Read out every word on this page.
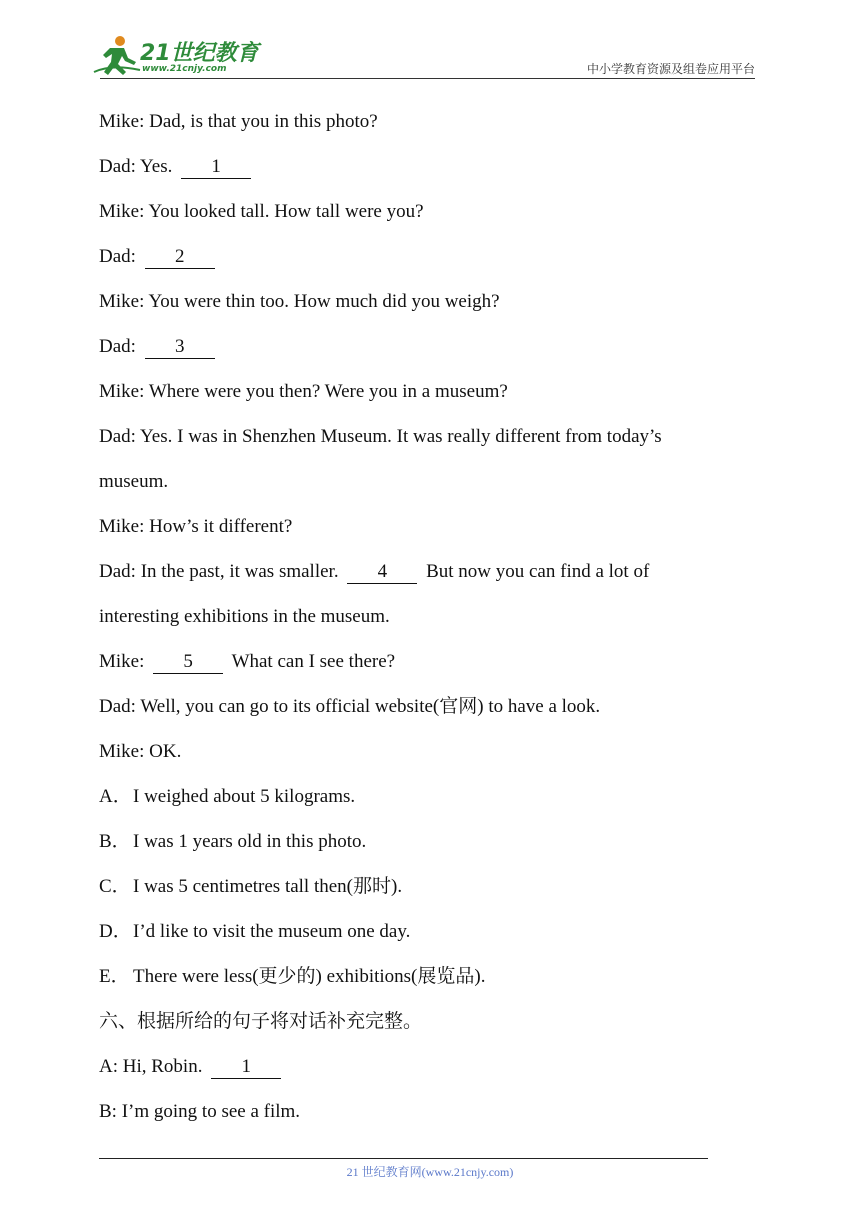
21世纪教育
www.21cnjy.com	中小学教育资源及组卷应用平台
Mike: Dad, is that you in this photo?
Dad: Yes. 1
Mike: You looked tall. How tall were you?
Dad: 2
Mike: You were thin too. How much did you weigh?
Dad: 3
Mike: Where were you then? Were you in a museum?
Dad: Yes. I was in Shenzhen Museum. It was really different from today’s
museum.
Mike: How’s it different?
Dad: In the past, it was smaller. 4 But now you can find a lot of
interesting exhibitions in the museum.
Mike: 5 What can I see there?
Dad: Well, you can go to its official website(官网) to have a look.
Mike: OK.
A．I weighed about 5 kilograms.
B． I was 1 years old in this photo.
C． I was 5 centimetres tall then(那时).
D．I’d like to visit the museum one day.
E． There were less(更少的) exhibitions(展览品).
六、根据所给的句子将对话补充完整。
A: Hi, Robin. 1
B: I’m going to see a film.
21 世纪教育网(www.21cnjy.com)
